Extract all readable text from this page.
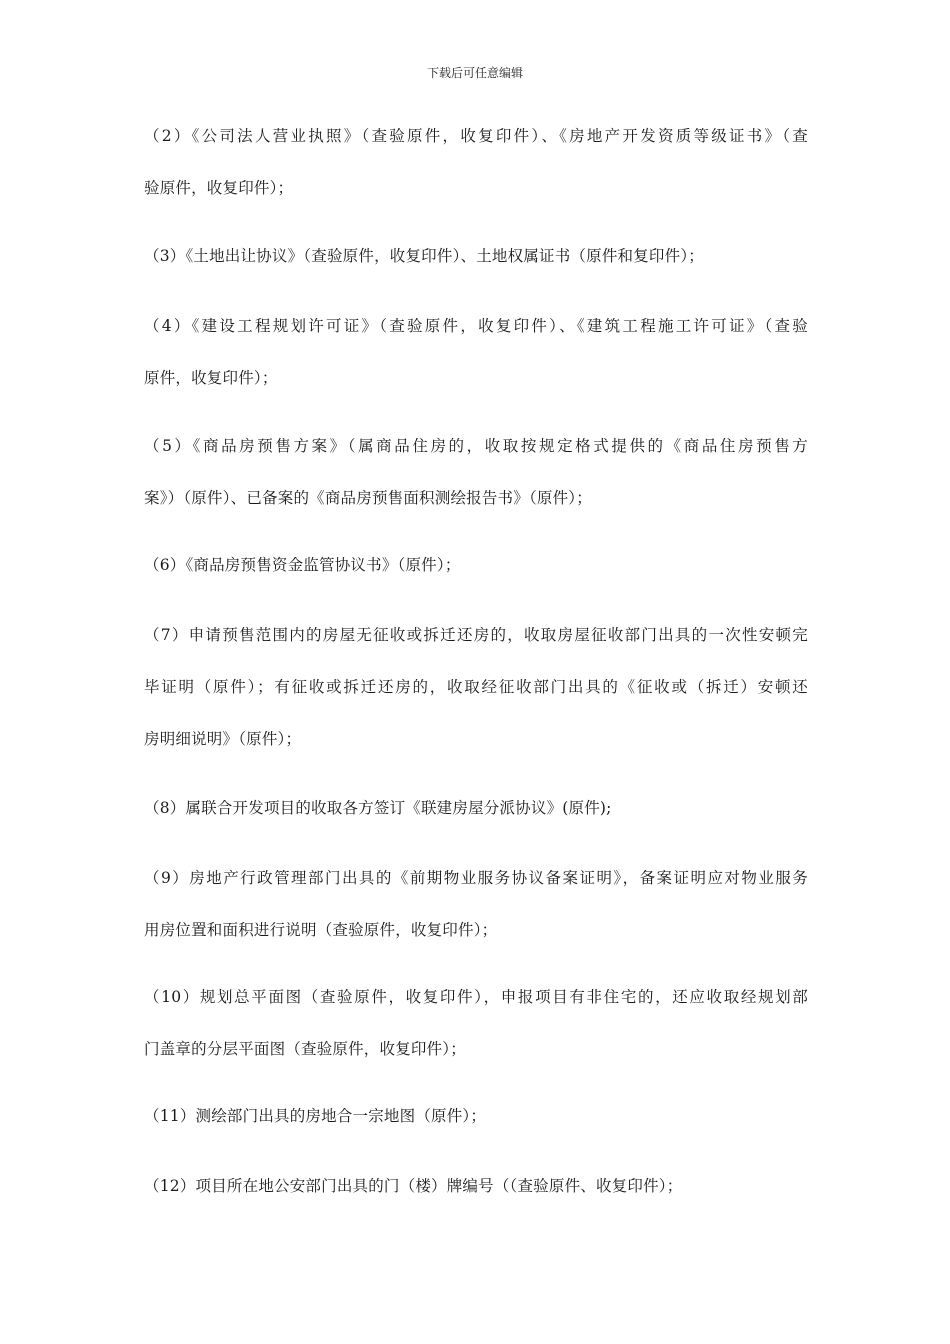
下载后可任意编辑
（2）《公司法人营业执照》（查验原件，收复印件）、《房地产开发资质等级证书》（查
验原件，收复印件）；
（3）《土地出让协议》（查验原件，收复印件）、土地权属证书（原件和复印件）；
（4）《建设工程规划许可证》（查验原件，收复印件）、《建筑工程施工许可证》（查验
原件，收复印件）；
（5）《商品房预售方案》（属商品住房的，收取按规定格式提供的《商品住房预售方
案》）（原件）、已备案的《商品房预售面积测绘报告书》（原件）；
（6）《商品房预售资金监管协议书》（原件）；
（7）申请预售范围内的房屋无征收或拆迁还房的，收取房屋征收部门出具的一次性安顿完
毕证明（原件）；有征收或拆迁还房的，收取经征收部门出具的《征收或（拆迁）安顿还
房明细说明》（原件）；
（8）属联合开发项目的收取各方签订《联建房屋分派协议》(原件);
（9）房地产行政管理部门出具的《前期物业服务协议备案证明》，备案证明应对物业服务
用房位置和面积进行说明（查验原件，收复印件）；
（10）规划总平面图（查验原件，收复印件），申报项目有非住宅的，还应收取经规划部
门盖章的分层平面图（查验原件，收复印件）；
（11）测绘部门出具的房地合一宗地图（原件）；
（12）项目所在地公安部门出具的门（楼）牌编号（（查验原件、收复印件）；
